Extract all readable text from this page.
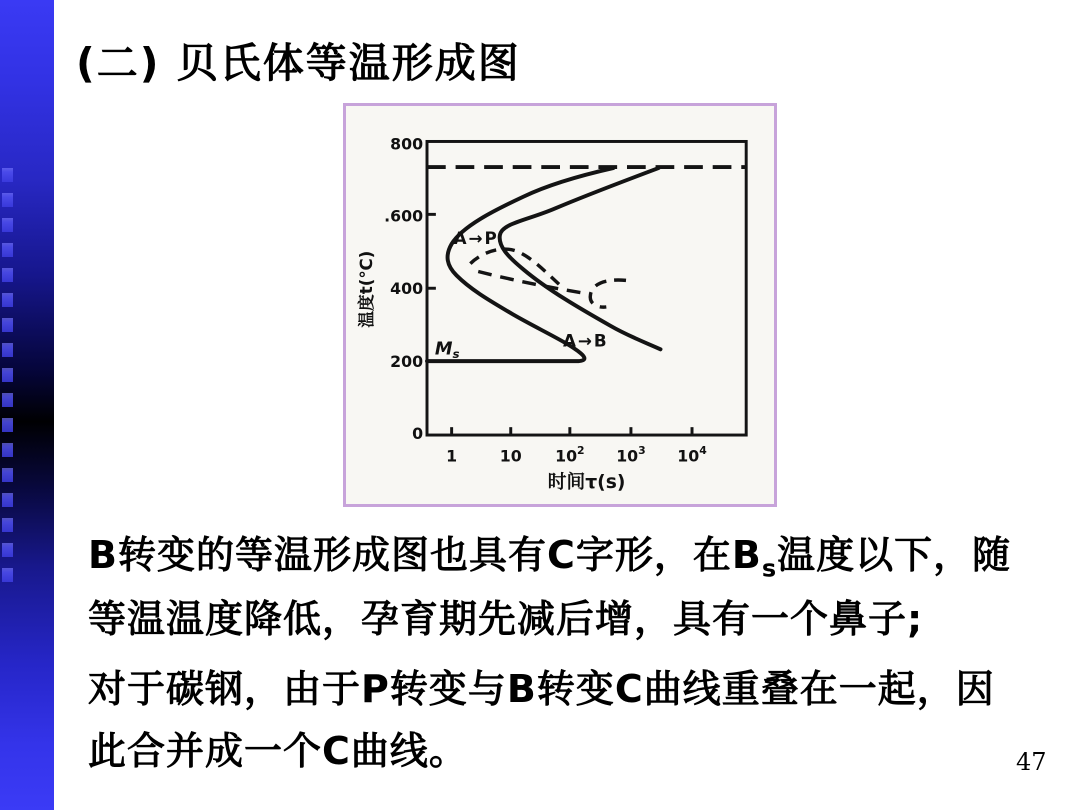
(二) 贝氏体等温形成图
800
.600
400
200
0
1	10 $10^2$ $10^3$ $10^4$
温度t(℃)
时间τ(s)
A→P
A→B
$M_s$

B转变的等温形成图也具有C字形，在$B_s$温度以下，随

等温温度降低，孕育期先减后增，具有一个鼻子;

对于碳钢，由于P转变与B转变C曲线重叠在一起，因

此合并成一个C曲线。	47
